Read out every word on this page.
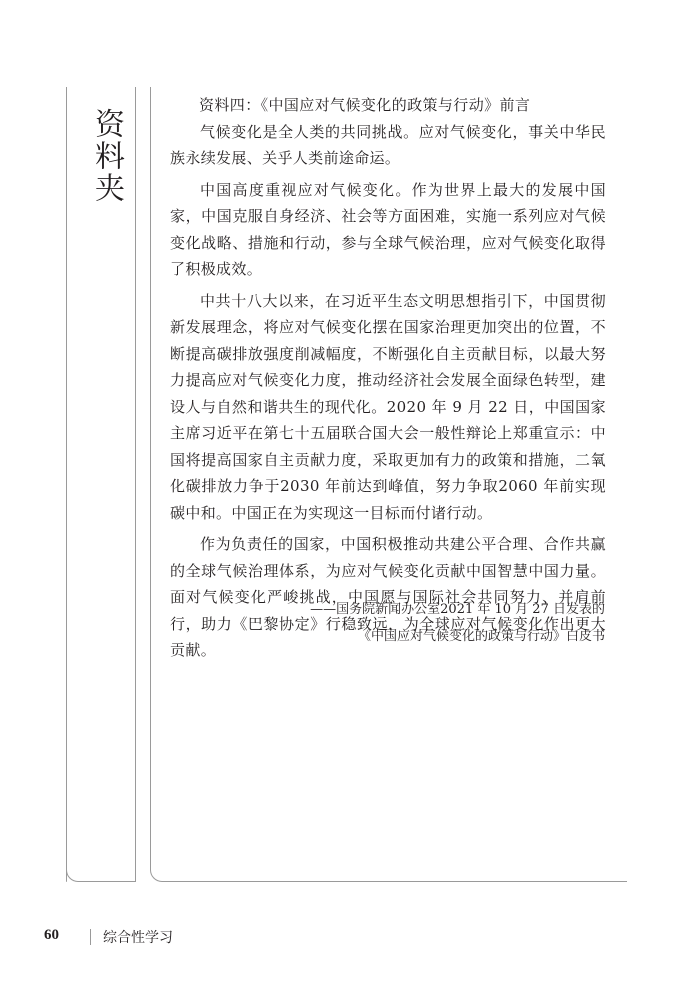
资料夹

资料四：《中国应对气候变化的政策与行动》前言

气候变化是全人类的共同挑战。应对气候变化，事关中华民族永续发展、关乎人类前途命运。

中国高度重视应对气候变化。作为世界上最大的发展中国家，中国克服自身经济、社会等方面困难，实施一系列应对气候变化战略、措施和行动，参与全球气候治理，应对气候变化取得了积极成效。

中共十八大以来，在习近平生态文明思想指引下，中国贯彻新发展理念，将应对气候变化摆在国家治理更加突出的位置，不断提高碳排放强度削减幅度，不断强化自主贡献目标，以最大努力提高应对气候变化力度，推动经济社会发展全面绿色转型，建设人与自然和谐共生的现代化。2020 年 9 月 22 日，中国国家主席习近平在第七十五届联合国大会一般性辩论上郑重宣示：中国将提高国家自主贡献力度，采取更加有力的政策和措施，二氧化碳排放力争于2030 年前达到峰值，努力争取2060 年前实现碳中和。中国正在为实现这一目标而付诸行动。

作为负责任的国家，中国积极推动共建公平合理、合作共赢的全球气候治理体系，为应对气候变化贡献中国智慧中国力量。面对气候变化严峻挑战，中国愿与国际社会共同努力、并肩前行，助力《巴黎协定》行稳致远，为全球应对气候变化作出更大贡献。

——国务院新闻办公室2021 年 10 月 27 日发表的
《中国应对气候变化的政策与行动》白皮书
60	综合性学习
